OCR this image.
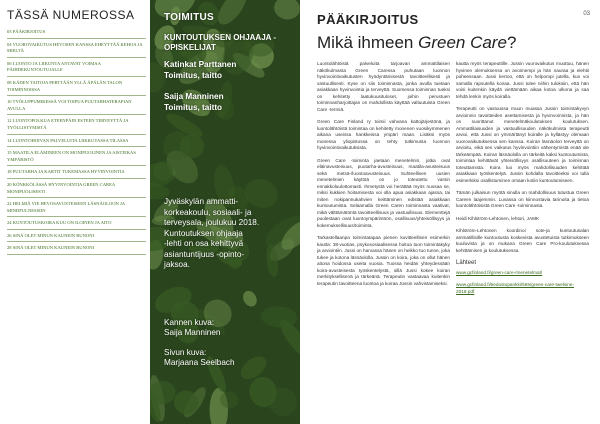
TÄSSÄ NUMEROSSA
03 PÄÄKIRJOITUS
04 VUOROVAIKUTUS HEVOSEN KANSSA EHEYTTÄÄ KEHOA JA MIELTÄ
06 LUONTO JA LIIKUNTA ANTAVAT VOIMAA PÄIHDEKUNTOUTUJALLE
08 KÄDEN TAITOJA PERTTÄÄN YLLÄ ÄPÄLÄN TALON TOIMINNOISSA
10 TYÖLUPPUMIKESSÄ VOI TOIPUA PUUTARHATERAPIAN AVULLA
12 LUONTOPOLKUA ETEENPÄIN ESTEEN TERVEYTTÄ JA TYÖLLISTYMISTÄ
14 LUONTOHOIVAN PALVELUITA LIIKKUVASSA TILASSA
15 MAATILA ELÄMINEEN ON MONIPUOLINEN JA AISTEIKAS YMPÄRISTÖ
18 PUUTARHA JA KARTIT TUKEMASSA HYVINVOINTIA
20 KÖNKKÖLÄSSÄ HYVINVOINTIA GREEN CAREA MONIPUOLISESTI
22 HELMIÄ VIE HEVOSAVUSTEISEEN LÄSNÄOLOON JA MINDFULNESSIIN
24 KUNTOUTUSKOIRA KUU ON ILOINEN JA AITO
26 SINÄ OLET MINUN KAUNEIN RUNONI
28 SINÄ OLET MINUN KAUNEIN RUNONI
TOIMITUS
KUNTOUTUKSEN OHJAAJA -OPISKELIJAT
Katinkat Parttanen
Toimitus, taitto
Saija Manninen
Toimitus, taitto
Jyväskylän ammatti-
korkeakoulu, sosiaali- ja
terveysala, joulukuu 2018.
Kuntoutuksen ohjaaja
-lehti on osa kehittyvä
asiantuntijuus -opinto-
jaksoa.
Kannen kuva:
Saija Manninen
Sivun kuva:
Marjaana Seelbach
03
PÄÄKIRJOITUS
Mikä ihmeen Green Care?

Luontolähtöisiä palveluita tarjoavan ammattilaisen näkökulmasta Green Caressa puhutaan luonnon hyvinvointivaikutusten hyödyntämisestä tavoitteellisesti ja vastuullisesti. Kyse on siis toiminnasta, jonka avulla tuetaan asiakkaan hyvinvointia ja terveyttä. Suomessa toiminnan tueksi on kehitetty laatukuusituloset, joihin perustuen toiminnanharjoittajan on mahdollista käyttää valtuutuista Green Care -termiä.

Green Care Finland ry toimii vahvana kattojärjestönä, ja luontolähtöistä toimintaa on kehitetty monenen vuosikymmenen aikana useissa hankkeissa ympäri maan. Lisäksi myös monessa yliopistossa on tehty tutkimusta luonnon hyvinvointivaikutuksista.

Green Care -toiminta jaetaan menetelmin, jotka ovat eläinavusteisuus, puutarha-avusteisuus, maatila-avusteisuus sekä metsä-/luontoavusteisuus. Suhteellisen uusien menetelmien käyttöä on jo toteutettu varsin ennakkoluulottomasti. Ihmetystä voi herättää myös nuosaa se, miksi kukkien hoitamisesta voi olla apua asiakkaan ajassa, tai miten nokipannukahvien keittäminen edistää asiakkaan kuntoutumista. Selaamalla Green Caren toiminnasta vaativat, mikä välttämätöntä tavoitteellisuus ja vastuullisuus. Elementtejä puolestaan ovat luontoympäristöön, osallisuus/yhteisöllisyys ja kokemuksellisuus/toiminta.

Tarkastellaanpa toimintatapaa pienen kuvitteellisen esimerkin kautta: 38-vuotias, psykososiaalisessa hoitoa tuon toimintakyky ja arviointiin. Jussi on harvassa hänen on heikko tuo tunne, joka tukee ja kotona läsnäololla. Jussin on koira, joka on ollut hänen aitona hoidossa useita vuosia. Tuossa heidän yhteydessään koira-avusteisesta työskentelystä, sillä Jussi kokee koiran merkityksellisenä ja tärkeänä. Terapeutin vastaavaa kuitenkin terapeutin tavoitteena luontoa ja koiraa Jussin vahvistamiseksi.

kautta myös terapeuttille. Jussin vuorovaikutus muuttuu, hänen hyvinen olemuksensa on avoimempi ja hän nauraa ja elehtii puheessaan. Jussi kertoo, että on helpompi jutella, kun voi samalla rapsutella koiraa. Jussi tulee niihin tuloksiin, että hän voisi kuitenkin käydä viettämään aikaa kotoa ulkona ja saa tehdä lenkin myös koiralla.

Terapeutti on vastuussa muun muassa Jussin toimintakyvyn arvioinnin tavoitteiden asettamisesta ja hyvinvoinnista, ja hän on suorittanut menetelmäkoulutuksen koulutuksen. Ammattilaisuuden ja vastuullisuuden näkökulmista terapeutti arvioi, että Jussi on ymmärtänyt koiralle ja kyllästyy olemaan vuorovaikutuksessa sen kanssa. Koiran läsnäolon terveyttä on arvioitu, eikä sen vaikutus hyvinvointiin vähentymistä enää ole tärkeämpää. Koiran läsnäololla on tärkeitä kaksi kuntoutumista, toimintaa kehittävät yhteisöllisyys osallisuuteen ja toiminnan toteuttamista. Koira luo myös mahdollisuuden kehittää asiakkaan työskentelyä. Jussin kohdalla tavoitteeksi voi tulla esimerkiksi osallistuminen omaan kotiin kuntoutumiseen.

Tämän julkaisun myötä sinulla on mahdollisuus tutustua Green Careen laajemmin. Luvassa on kiinnostavia tarinoita ja tietoa luontolähtöisistä Green Care -toiminnasta.

Heidi Kihlström-Lehtonen, lehtori, JAMK

Kihlström-Lehtonen koordinoi sote-ja kuntoutusalan ammatillisille kuntoutusta koskevista avustetuista tutkimukseen kuuluvista ja on mukana Green Care Pro-koulutuksessa kehittämisen ja koulutuksessa.

Lähteet

www.gcfinland.fi/green-care-/menetelmat/

www.gcfinland.fi/tiedostopankki/565/green-care-twelsine-2018.pdf
